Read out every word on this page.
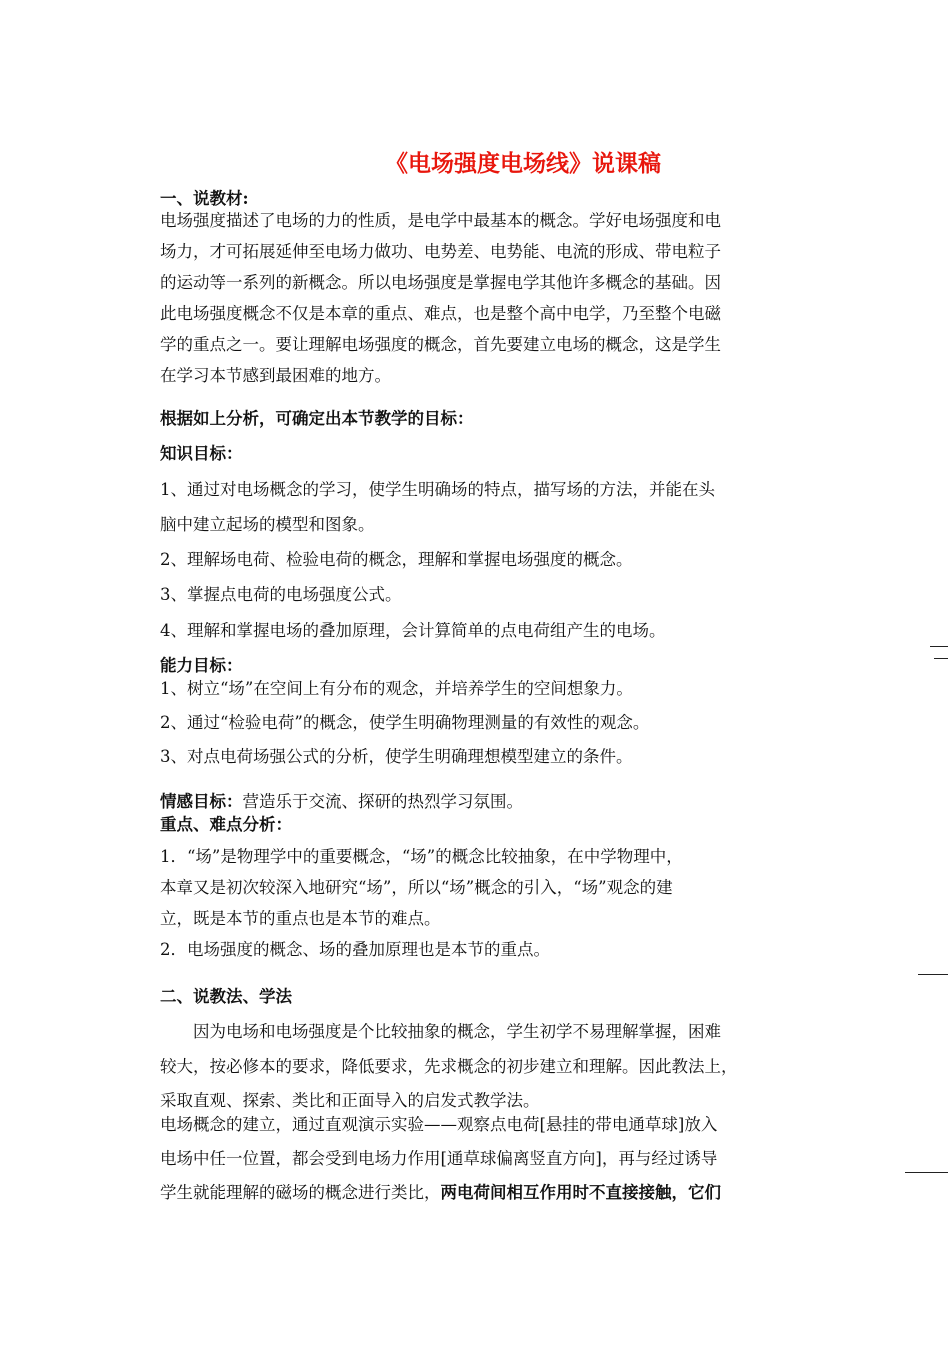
《电场强度电场线》说课稿
一、说教材:
电场强度描述了电场的力的性质，是电学中最基本的概念。学好电场强度和电
场力，才可拓展延伸至电场力做功、电势差、电势能、电流的形成、带电粒子
的运动等一系列的新概念。所以电场强度是掌握电学其他许多概念的基础。因
此电场强度概念不仅是本章的重点、难点，也是整个高中电学，乃至整个电磁
学的重点之一。要让理解电场强度的概念，首先要建立电场的概念，这是学生
在学习本节感到最困难的地方。
根据如上分析，可确定出本节教学的目标：
知识目标：
1、通过对电场概念的学习，使学生明确场的特点，描写场的方法，并能在头
脑中建立起场的模型和图象。
2、理解场电荷、检验电荷的概念，理解和掌握电场强度的概念。
3、掌握点电荷的电场强度公式。
4、理解和掌握电场的叠加原理，会计算简单的点电荷组产生的电场。
能力目标：
1、树立“场”在空间上有分布的观念，并培养学生的空间想象力。
2、通过“检验电荷”的概念，使学生明确物理测量的有效性的观念。
3、对点电荷场强公式的分析，使学生明确理想模型建立的条件。
情感目标：营造乐于交流、探研的热烈学习氛围。
重点、难点分析：
1．“场”是物理学中的重要概念，“场”的概念比较抽象，在中学物理中，
本章又是初次较深入地研究“场”，所以“场”概念的引入，“场”观念的建
立，既是本节的重点也是本节的难点。
2．电场强度的概念、场的叠加原理也是本节的重点。
二、说教法、学法
　　因为电场和电场强度是个比较抽象的概念，学生初学不易理解掌握，困难
较大，按必修本的要求，降低要求，先求概念的初步建立和理解。因此教法上，
采取直观、探索、类比和正面导入的启发式教学法。
电场概念的建立，通过直观演示实验——观察点电荷[悬挂的带电通草球]放入
电场中任一位置，都会受到电场力作用[通草球偏离竖直方向]，再与经过诱导
学生就能理解的磁场的概念进行类比，两电荷间相互作用时不直接接触，它们
